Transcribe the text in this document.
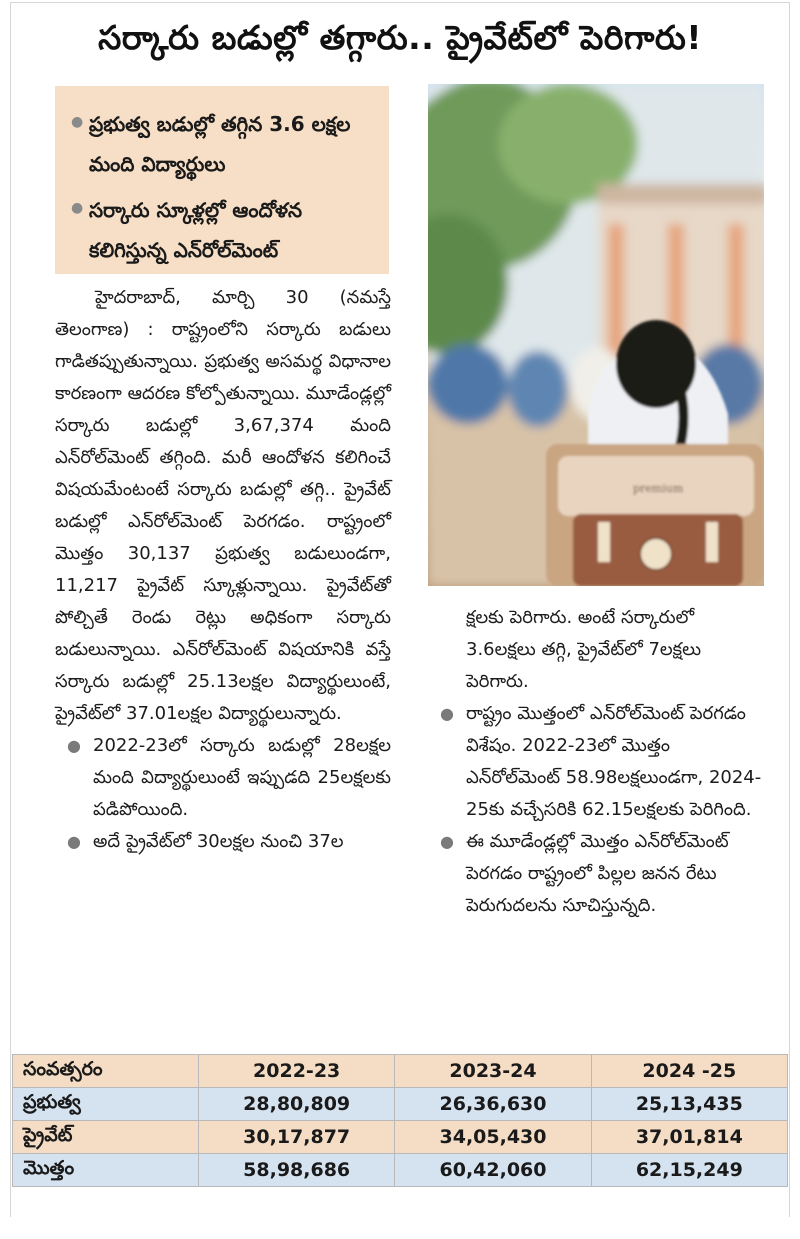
సర్కారు బడుల్లో తగ్గారు.. ప్రైవేట్‌లో పెరిగారు!
● ప్రభుత్వ బడుల్లో తగ్గిన 3.6 లక్షల మంది విద్యార్థులు
● సర్కారు స్కూళ్లల్లో ఆందోళన కలిగిస్తున్న ఎన్‌రోల్‌మెంట్
premium
హైదరాబాద్‌, మార్చి 30 (నమస్తే తెలంగాణ) : రాష్ట్రంలోని సర్కారు బడులు గాడితప్పుతున్నాయి. ప్రభుత్వ అసమర్థ విధానాల కారణంగా ఆదరణ కోల్పోతున్నాయి. మూడేండ్లల్లో సర్కారు బడుల్లో 3,67,374 మంది ఎన్‌రోల్‌మెంట్‌ తగ్గింది. మరీ ఆందోళన కలిగించే విషయమేంటంటే సర్కారు బడుల్లో తగ్గి.. ప్రైవేట్‌ బడుల్లో ఎన్‌రోల్‌మెంట్‌ పెరగడం. రాష్ట్రంలో మొత్తం 30,137 ప్రభుత్వ బడులుండగా, 11,217 ప్రైవేట్‌ స్కూళ్లున్నాయి. ప్రైవేట్‌తో పోల్చితే రెండు రెట్లు అధికంగా సర్కారు బడులున్నాయి. ఎన్‌రోల్‌మెంట్‌ విషయానికి వస్తే సర్కారు బడుల్లో 25.13లక్షల విద్యార్థులుంటే, ప్రైవేట్‌లో 37.01లక్షల విద్యార్థులున్నారు.
● 2022-23లో సర్కారు బడుల్లో 28లక్షల మంది విద్యార్థులుంటే ఇప్పుడది 25లక్షలకు పడిపోయింది.
● అదే ప్రైవేట్‌లో 30లక్షల నుంచి 37ల
క్షలకు పెరిగారు. అంటే సర్కారులో 3.6లక్షలు తగ్గి, ప్రైవేట్‌లో 7లక్షలు పెరిగారు.
● రాష్ట్రం మొత్తంలో ఎన్‌రోల్‌మెంట్‌ పెరగడం విశేషం. 2022-23లో మొత్తం ఎన్‌రోల్‌మెంట్‌ 58.98లక్షలుండగా, 2024-25కు వచ్చేసరికి 62.15లక్షలకు పెరిగింది.
● ఈ మూడేండ్లల్లో మొత్తం ఎన్‌రోల్‌మెంట్‌ పెరగడం రాష్ట్రంలో పిల్లల జనన రేటు పెరుగుదలను సూచిస్తున్నది.
సంవత్సరం	2022-23	2023-24	2024 -25
ప్రభుత్వ	28,80,809	26,36,630	25,13,435
ప్రైవేట్‌	30,17,877	34,05,430	37,01,814
మొత్తం	58,98,686	60,42,060	62,15,249
